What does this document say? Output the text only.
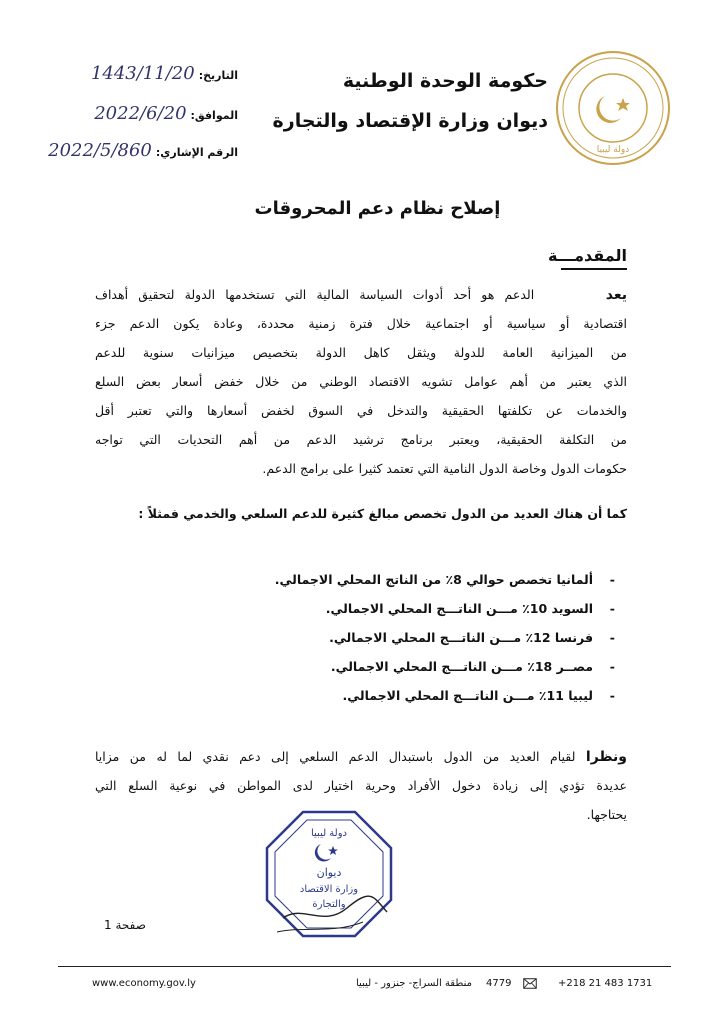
دولة ليبيا
حكومة الوحدة الوطنية
ديوان وزارة الإقتصاد والتجارة
التاريخ:1443/11/20
الموافق:2022/6/20
الرقم الإشاري:2022/5/860
إصلاح نظام دعم المحروقات
المقدمـــة
يعد       الدعم هو أحد أدوات السياسة المالية التي تستخدمها الدولة لتحقيق أهداف
اقتصادية أو سياسية أو اجتماعية خلال فترة زمنية محددة، وعادة يكون الدعم جزء
من الميزانية العامة للدولة ويثقل كاهل الدولة بتخصيص ميزانيات سنوية للدعم
الذي يعتبر من أهم عوامل تشويه الاقتصاد الوطني من خلال خفض أسعار بعض السلع
والخدمات عن تكلفتها الحقيقية والتدخل في السوق لخفض أسعارها والتي تعتبر أقل
من التكلفة الحقيقية، ويعتبر برنامج ترشيد الدعم من أهم التحديات التي تواجه
حكومات الدول وخاصة الدول النامية التي تعتمد كثيرا على برامج الدعم.
كما أن هناك العديد من الدول تخصص مبالغ كثيرة للدعم السلعي والخدمي فمثلاً :
-ألمانيا تخصص حوالي 8٪ من الناتج المحلي الاجمالي.
-السويد 10٪ مـــن الناتـــج المحلي الاجمالي.
-فرنسا 12٪ مـــن الناتـــج المحلي الاجمالي.
-مصــر 18٪ مـــن الناتـــج المحلي الاجمالي.
-ليبيا 11٪ مـــن الناتـــج المحلي الاجمالي.
ونظرا لقيام العديد من الدول باستبدال الدعم السلعي إلى دعم نقدي لما له من مزايا
عديدة تؤدي إلى زيادة دخول الأفراد وحرية اختيار لدى المواطن في نوعية السلع التي
يحتاجها.
دولة ليبيا
ديوان
وزارة الاقتصاد
والتجارة
صفحة 1
www.economy.gov.ly	منطقة السراج- جنزور - ليبيا 4779	+218 21 483 1731
